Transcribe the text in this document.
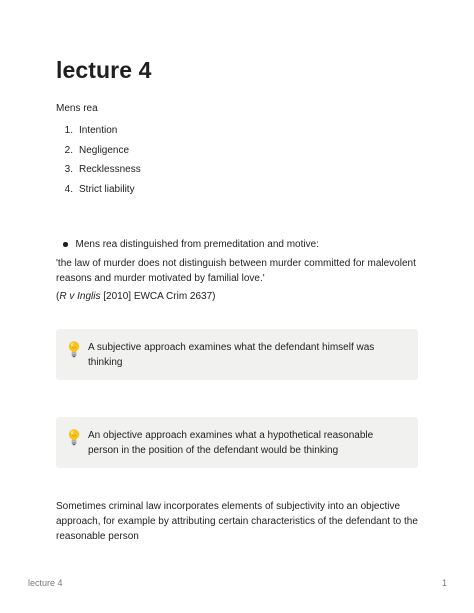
lecture 4

Mens rea

1. Intention
2. Negligence
3. Recklessness
4. Strict liability
Mens rea distinguished from premeditation and motive:

'the law of murder does not distinguish between murder committed for malevolent reasons and murder motivated by familial love.'

(R v Inglis [2010] EWCA Crim 2637)

A subjective approach examines what the defendant himself was thinking
An objective approach examines what a hypothetical reasonable person in the position of the defendant would be thinking

Sometimes criminal law incorporates elements of subjectivity into an objective approach, for example by attributing certain characteristics of the defendant to the reasonable person

lecture 4	1
